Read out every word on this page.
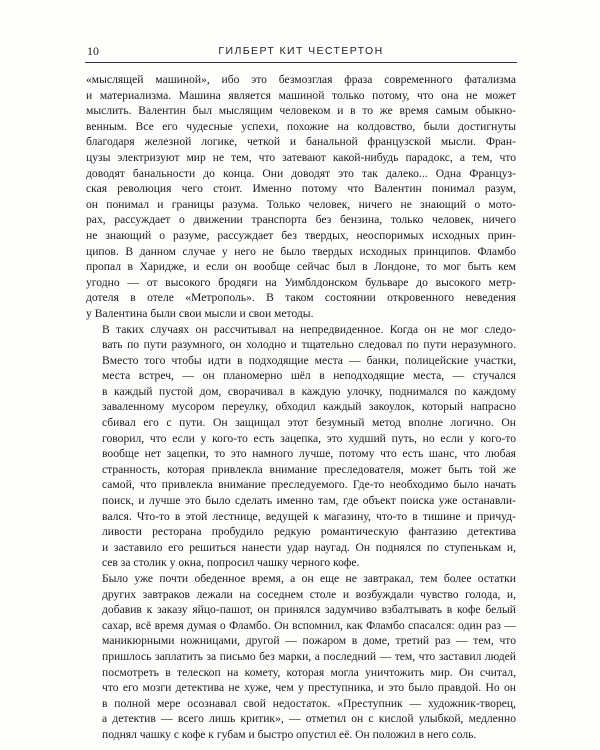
10	ГИЛБЕРТ КИТ ЧЕСТЕРТОН

«мыслящей машиной», ибо это безмозглая фраза современного фатализма
и материализма. Машина является машиной только потому, что она не может
мыслить. Валентин был мыслящим человеком и в то же время самым обыкно-
венным. Все его чудесные успехи, похожие на колдовство, были достигнуты
благодаря железной логике, четкой и банальной французской мысли. Фран-
цузы электризуют мир не тем, что затевают какой-нибудь парадокс, а тем, что
доводят банальности до конца. Они доводят это так далеко... Одна Француз-
ская революция чего стоит. Именно потому что Валентин понимал разум,
он понимал и границы разума. Только человек, ничего не знающий о мото-
рах, рассуждает о движении транспорта без бензина, только человек, ничего
не знающий о разуме, рассуждает без твердых, неоспоримых исходных прин-
ципов. В данном случае у него не было твердых исходных принципов. Фламбо
пропал в Харидже, и если он вообще сейчас был в Лондоне, то мог быть кем
угодно — от высокого бродяги на Уимблдонском бульваре до высокого метр-
дотеля в отеле «Метрополь». В таком состоянии откровенного неведения
у Валентина были свои мысли и свои методы.

В таких случаях он рассчитывал на непредвиденное. Когда он не мог следо-
вать по пути разумного, он холодно и тщательно следовал по пути неразумного.
Вместо того чтобы идти в подходящие места — банки, полицейские участки,
места встреч, — он планомерно шёл в неподходящие места, — стучался
в каждый пустой дом, сворачивал в каждую улочку, поднимался по каждому
заваленному мусором переулку, обходил каждый закоулок, который напрасно
сбивал его с пути. Он защищал этот безумный метод вполне логично. Он
говорил, что если у кого-то есть зацепка, это худший путь, но если у кого-то
вообще нет зацепки, то это намного лучше, потому что есть шанс, что любая
странность, которая привлекла внимание преследователя, может быть той же
самой, что привлекла внимание преследуемого. Где-то необходимо было начать
поиск, и лучше это было сделать именно там, где объект поиска уже останавли-
вался. Что-то в этой лестнице, ведущей к магазину, что-то в тишине и причуд-
ливости ресторана пробудило редкую романтическую фантазию детектива
и заставило его решиться нанести удар наугад. Он поднялся по ступенькам и,
сев за столик у окна, попросил чашку черного кофе.

Было уже почти обеденное время, а он еще не завтракал, тем более остатки
других завтраков лежали на соседнем столе и возбуждали чувство голода, и,
добавив к заказу яйцо-пашот, он принялся задумчиво взбалтывать в кофе белый
сахар, всё время думая о Фламбо. Он вспомнил, как Фламбо спасался: один раз —
маникюрными ножницами, другой — пожаром в доме, третий раз — тем, что
пришлось заплатить за письмо без марки, а последний — тем, что заставил людей
посмотреть в телескоп на комету, которая могла уничтожить мир. Он считал,
что его мозги детектива не хуже, чем у преступника, и это было правдой. Но он
в полной мере осознавал свой недостаток. «Преступник — художник-творец,
а детектив — всего лишь критик», — отметил он с кислой улыбкой, медленно
поднял чашку с кофе к губам и быстро опустил её. Он положил в него соль.
